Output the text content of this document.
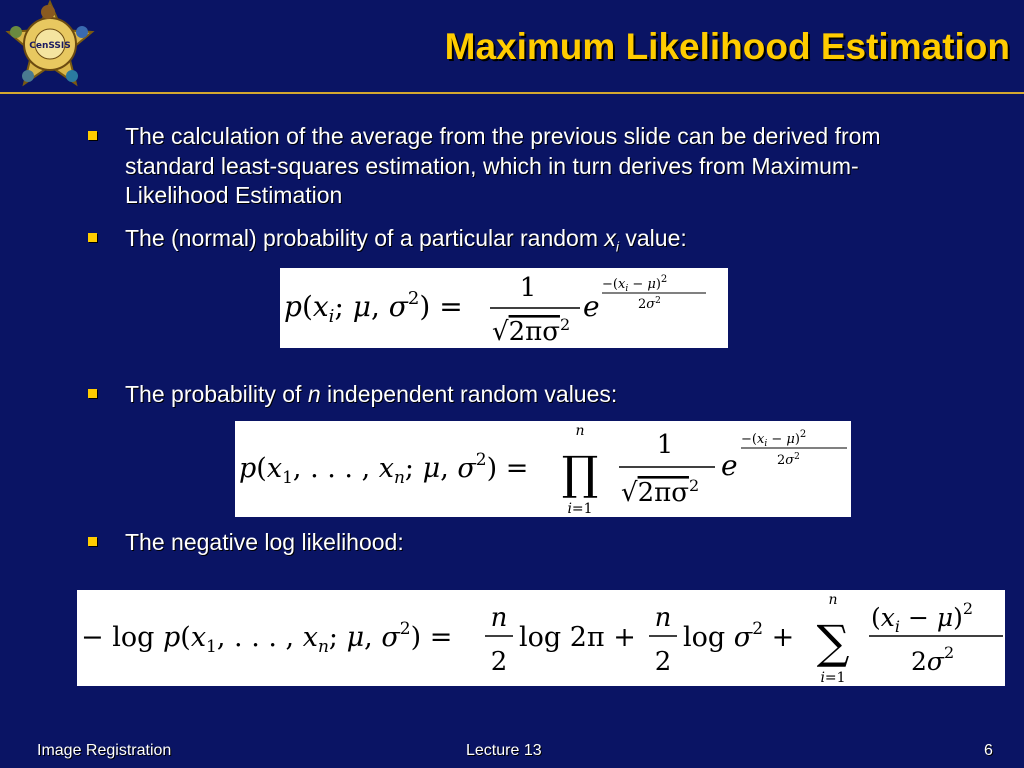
CenSSIS	Maximum Likelihood Estimation
The calculation of the average from the previous slide can be derived from standard least-squares estimation, which in turn derives from Maximum-Likelihood Estimation
The (normal) probability of a particular random $x_i$ value:
$p(x_i$; μ, $\sigma^2$) =
1
$√2\pi\sigma^2$
e
$-(x_i - \mu)^2$
$2\sigma^2$
The probability of n independent random values:
$p(x_1$, . . . , $x_n$; μ, $\sigma^2$) =
n
∏
i=1
1
$√2\pi\sigma^2$
e
$-(x_i - \mu)^2$
$2\sigma^2$
The negative log likelihood:
− $\log p(x_1$, . . . , $x_n$; μ, $\sigma^2$) =
n
2
log 2π +
n
2
$\log \sigma^2$ +
n
∑
i=1
$(x_i - \mu)^2$
$2\sigma^2$
Image Registration	Lecture 13	6
